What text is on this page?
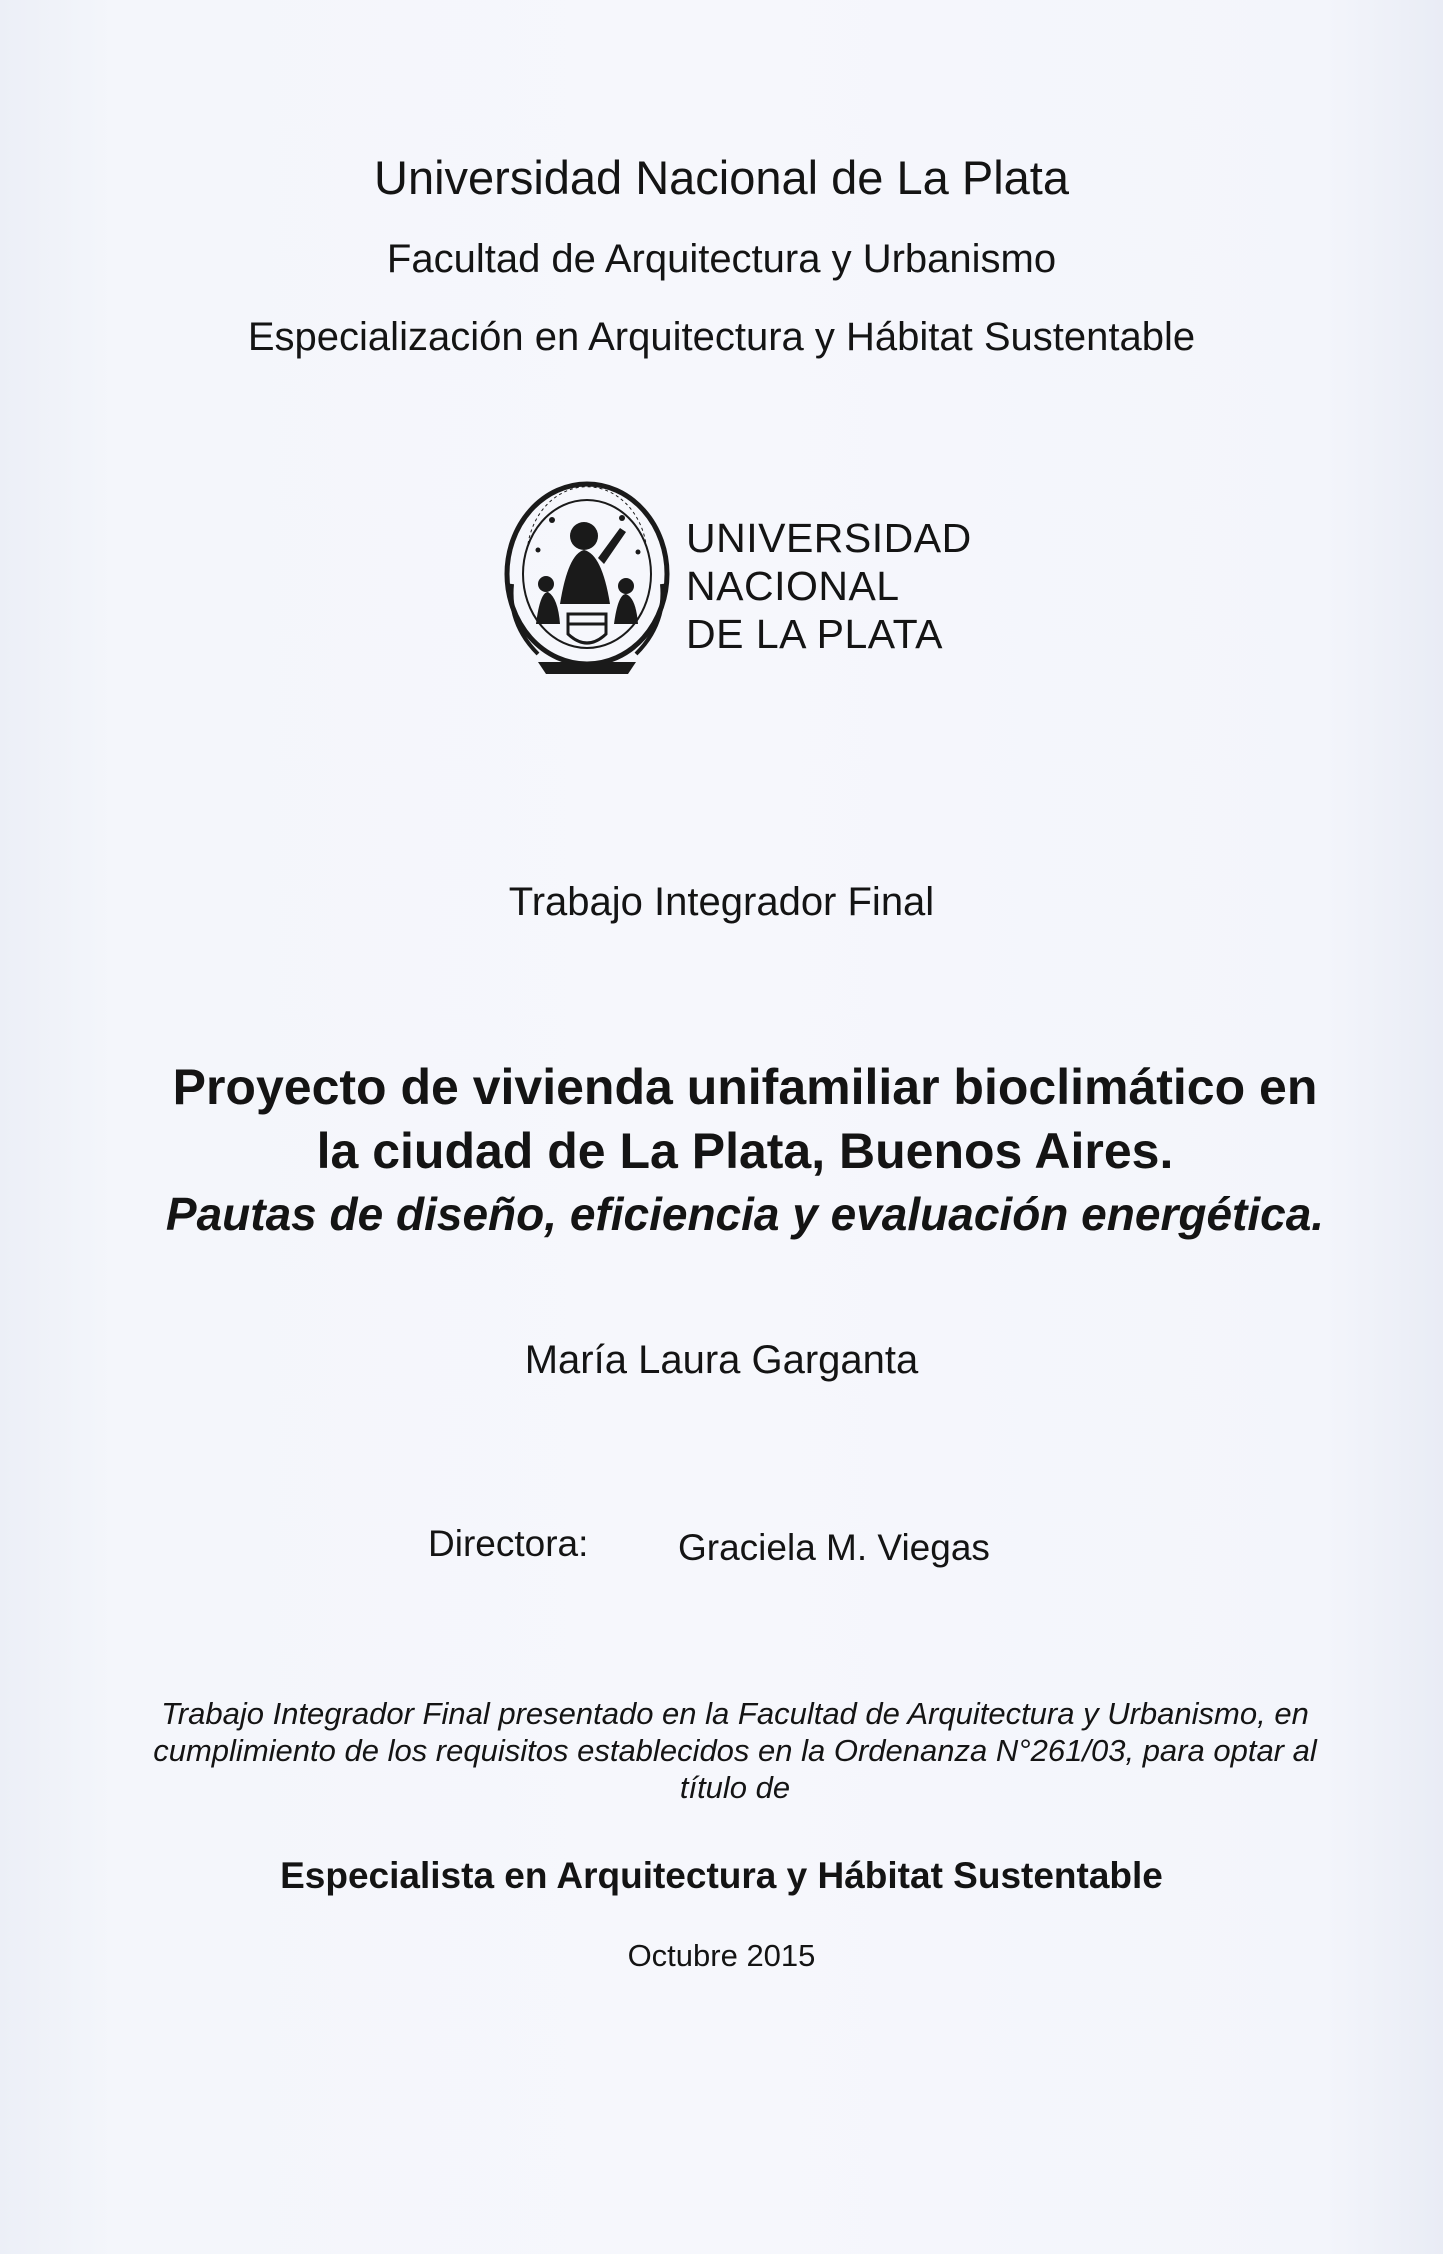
Universidad Nacional de La Plata
Facultad de Arquitectura y Urbanismo
Especialización en Arquitectura y Hábitat Sustentable
UNIVERSIDAD
NACIONAL
DE LA PLATA
Trabajo Integrador Final
Proyecto de vivienda unifamiliar bioclimático en
la ciudad de La Plata, Buenos Aires.
Pautas de diseño, eficiencia y evaluación energética.
María Laura Garganta
Directora: Graciela M. Viegas
Trabajo Integrador Final presentado en la Facultad de Arquitectura y Urbanismo, en
cumplimiento de los requisitos establecidos en la Ordenanza N°261/03, para optar al
título de
Especialista en Arquitectura y Hábitat Sustentable
Octubre 2015
